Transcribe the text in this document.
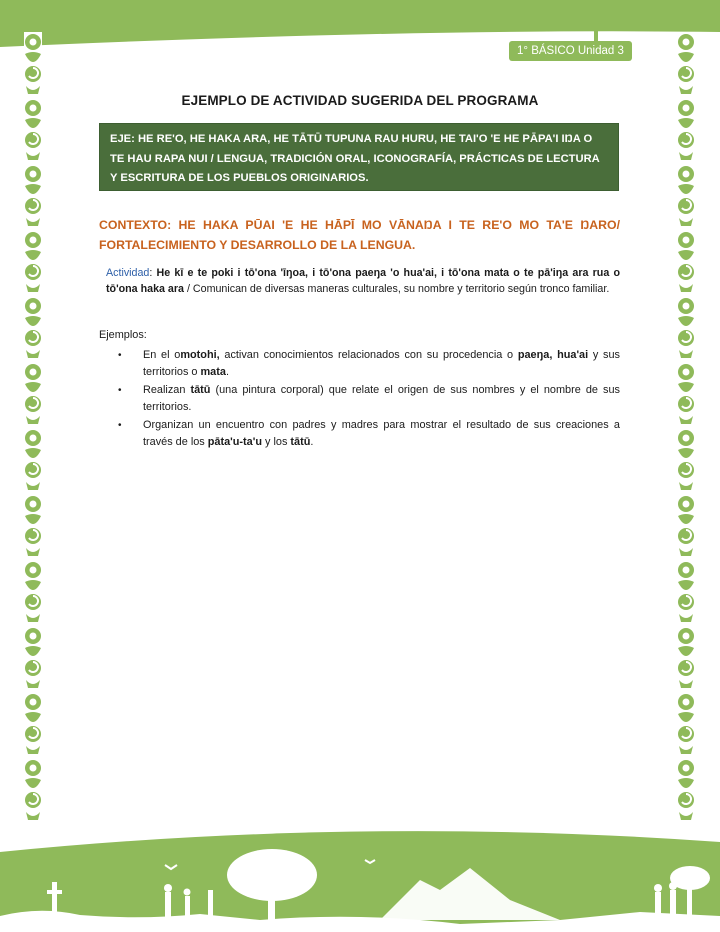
1° BÁSICO Unidad 3
EJEMPLO DE ACTIVIDAD SUGERIDA DEL PROGRAMA
EJE: HE RE'O, HE HAKA ARA, HE TĀTŪ TUPUNA RAU HURU, HE TAI'O 'E HE PĀPA'I IŊA O TE HAU RAPA NUI / LENGUA, TRADICIÓN ORAL, ICONOGRAFÍA, PRÁCTICAS DE LECTURA Y ESCRITURA DE LOS PUEBLOS ORIGINARIOS.
CONTEXTO: HE HAKA PŪAI 'E HE HĀPĪ MO VĀNAŊA I TE RE'O MO TA'E ŊARO/ FORTALECIMIENTO Y DESARROLLO DE LA LENGUA.
Actividad: He kī e te poki i tō'ona 'īŋoa, i tō'ona paeŋa 'o hua'ai, i tō'ona mata o te pā'iŋa ara rua o tō'ona haka ara / Comunican de diversas maneras culturales, su nombre y territorio según tronco familiar.
Ejemplos:
• En el omotohi, activan conocimientos relacionados con su procedencia o paeŋa, hua'ai y sus territorios o mata.
• Realizan tātū (una pintura corporal) que relate el origen de sus nombres y el nombre de sus territorios.
• Organizan un encuentro con padres y madres para mostrar el resultado de sus creaciones a través de los pāta'u-ta'u y los tātū.
